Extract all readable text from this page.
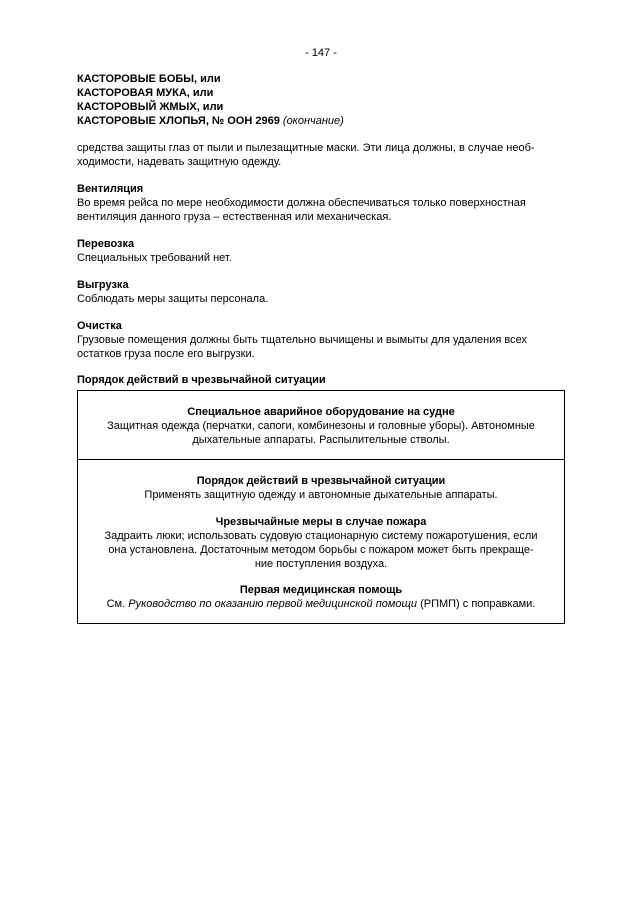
- 147 -
КАСТОРОВЫЕ БОБЫ, или
КАСТОРОВАЯ МУКА, или
КАСТОРОВЫЙ ЖМЫХ, или
КАСТОРОВЫЕ ХЛОПЬЯ, № ООН 2969 (окончание)
средства защиты глаз от пыли и пылезащитные маски. Эти лица должны, в случае необ-
ходимости, надевать защитную одежду.
Вентиляция
Во время рейса по мере необходимости должна обеспечиваться только поверхностная
вентиляция данного груза – естественная или механическая.
Перевозка
Специальных требований нет.
Выгрузка
Соблюдать меры защиты персонала.
Очистка
Грузовые помещения должны быть тщательно вычищены и вымыты для удаления всех
остатков груза после его выгрузки.
Порядок действий в чрезвычайной ситуации
Специальное аварийное оборудование на судне
Защитная одежда (перчатки, сапоги, комбинезоны и головные уборы). Автономные
дыхательные аппараты. Распылительные стволы.
Порядок действий в чрезвычайной ситуации
Применять защитную одежду и автономные дыхательные аппараты.
Чрезвычайные меры в случае пожара
Задраить люки; использовать судовую стационарную систему пожаротушения, если
она установлена. Достаточным методом борьбы с пожаром может быть прекраще-
ние поступления воздуха.
Первая медицинская помощь
См. Руководство по оказанию первой медицинской помощи (РПМП) с поправками.
